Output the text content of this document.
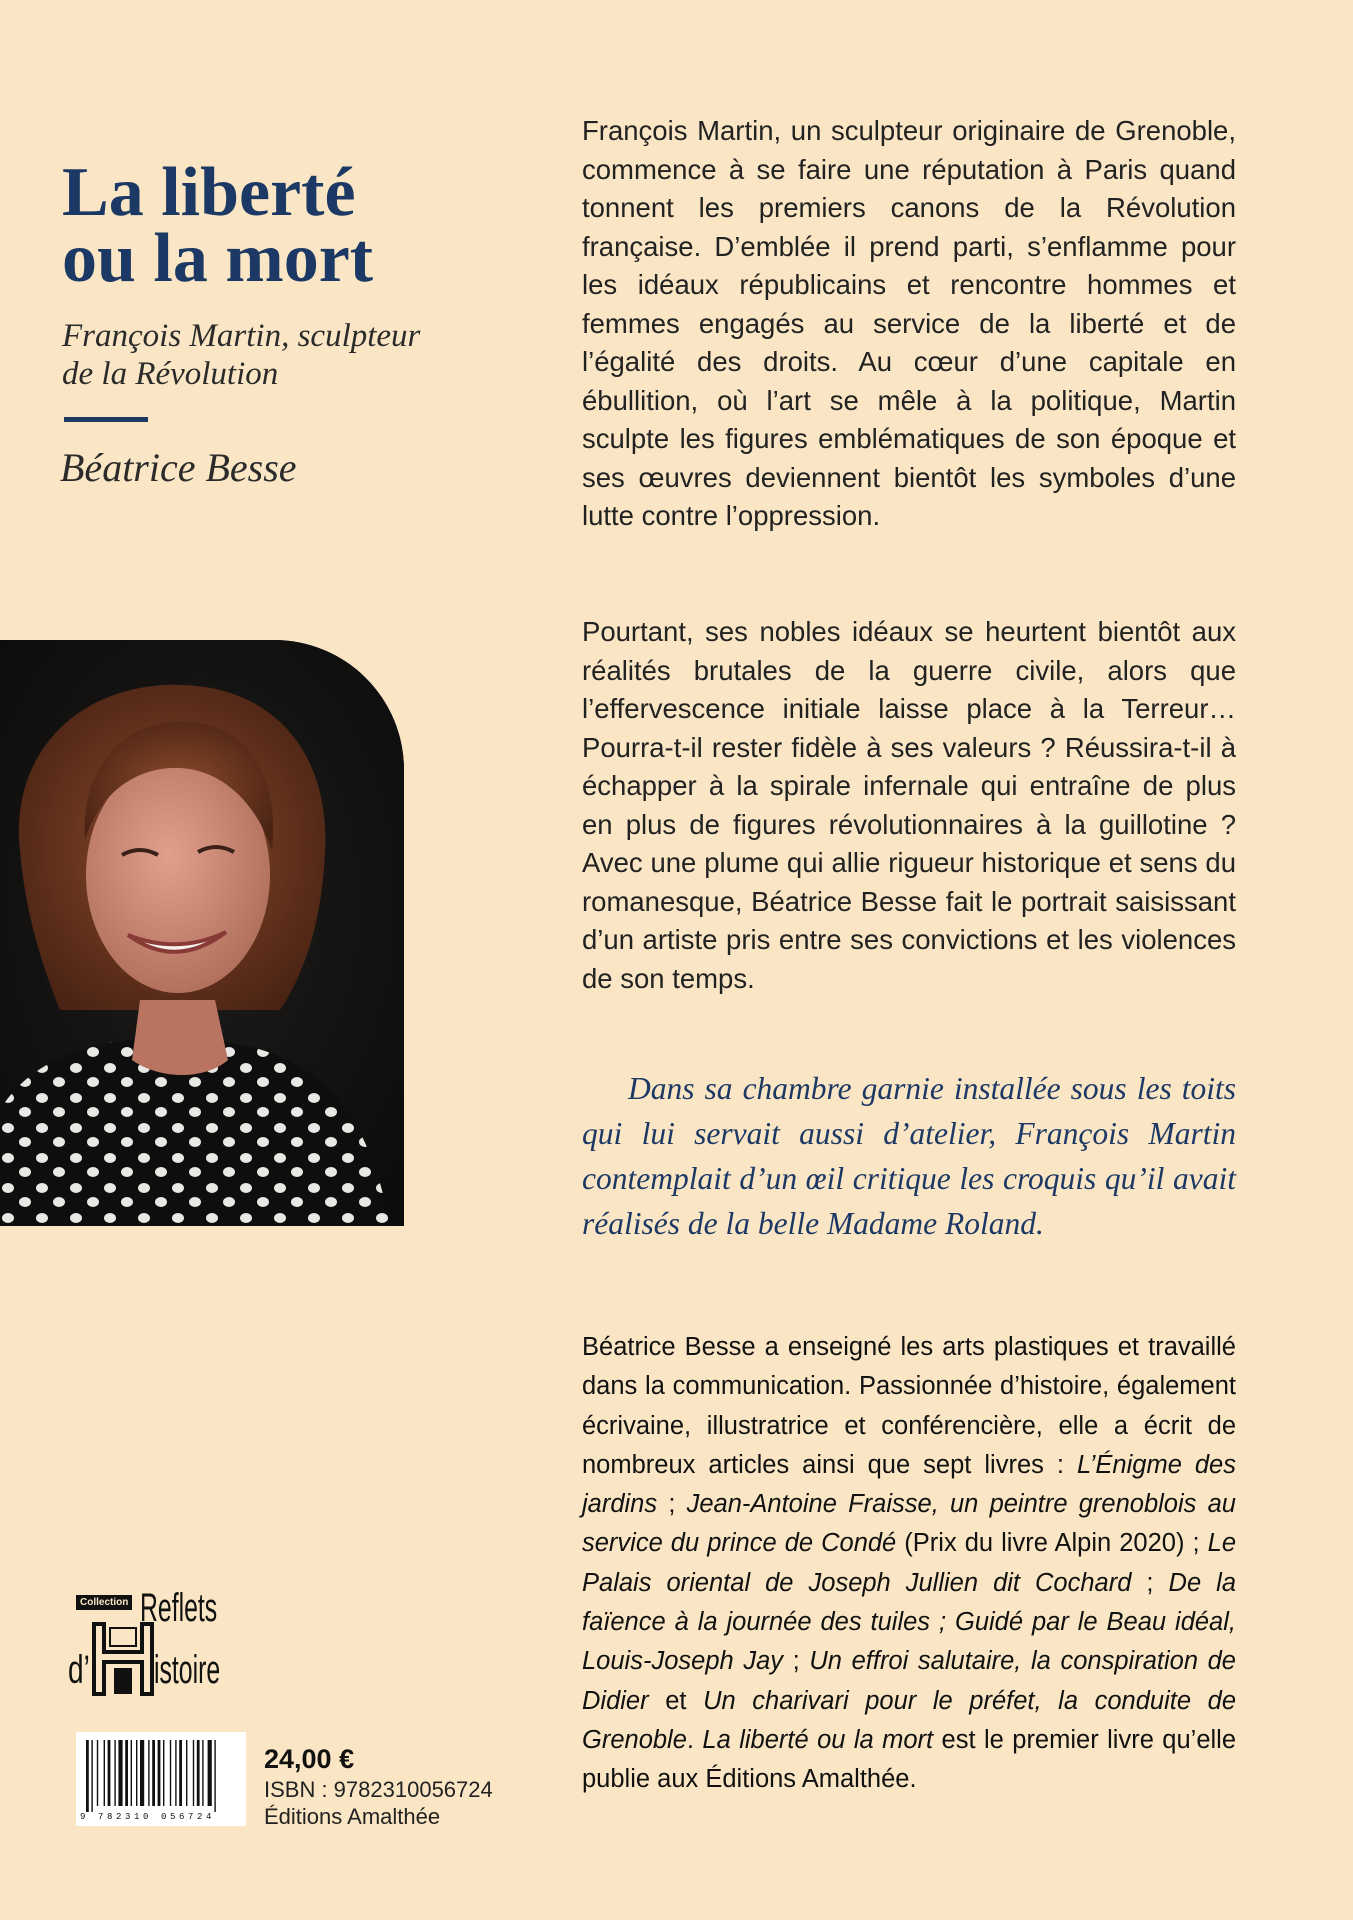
La liberté
ou la mort
François Martin, sculpteur
de la Révolution
Béatrice Besse

François Martin, un sculpteur originaire de Grenoble, commence à se faire une réputation à Paris quand tonnent les premiers canons de la Révolution française. D’emblée il prend parti, s’enflamme pour les idéaux républicains et rencontre hommes et femmes engagés au service de la liberté et de l’égalité des droits. Au cœur d’une capitale en ébullition, où l’art se mêle à la politique, Martin sculpte les figures emblématiques de son époque et ses œuvres deviennent bientôt les symboles d’une lutte contre l’oppression.

Pourtant, ses nobles idéaux se heurtent bientôt aux réalités brutales de la guerre civile, alors que l’effervescence initiale laisse place à la Terreur… Pourra-t-il rester fidèle à ses valeurs ? Réussira-t-il à échapper à la spirale infernale qui entraîne de plus en plus de figures révolutionnaires à la guillotine ? Avec une plume qui allie rigueur historique et sens du romanesque, Béatrice Besse fait le portrait saisissant d’un artiste pris entre ses convictions et les violences de son temps.

Dans sa chambre garnie installée sous les toits qui lui servait aussi d’atelier, François Martin contemplait d’un œil critique les croquis qu’il avait réalisés de la belle Madame Roland.

Béatrice Besse a enseigné les arts plastiques et travaillé dans la communication. Passionnée d’histoire, également écrivaine, illustratrice et conférencière, elle a écrit de nombreux articles ainsi que sept livres : L’Énigme des jardins ; Jean-Antoine Fraisse, un peintre grenoblois au service du prince de Condé (Prix du livre Alpin 2020) ; Le Palais oriental de Joseph Jullien dit Cochard ; De la faïence à la journée des tuiles ; Guidé par le Beau idéal, Louis-Joseph Jay ; Un effroi salutaire, la conspiration de Didier et Un charivari pour le préfet, la conduite de Grenoble. La liberté ou la mort est le premier livre qu’elle publie aux Éditions Amalthée.

Collection Reflets
d’ istoire
9 782310 056724
24,00 €
ISBN : 9782310056724
Éditions Amalthée
